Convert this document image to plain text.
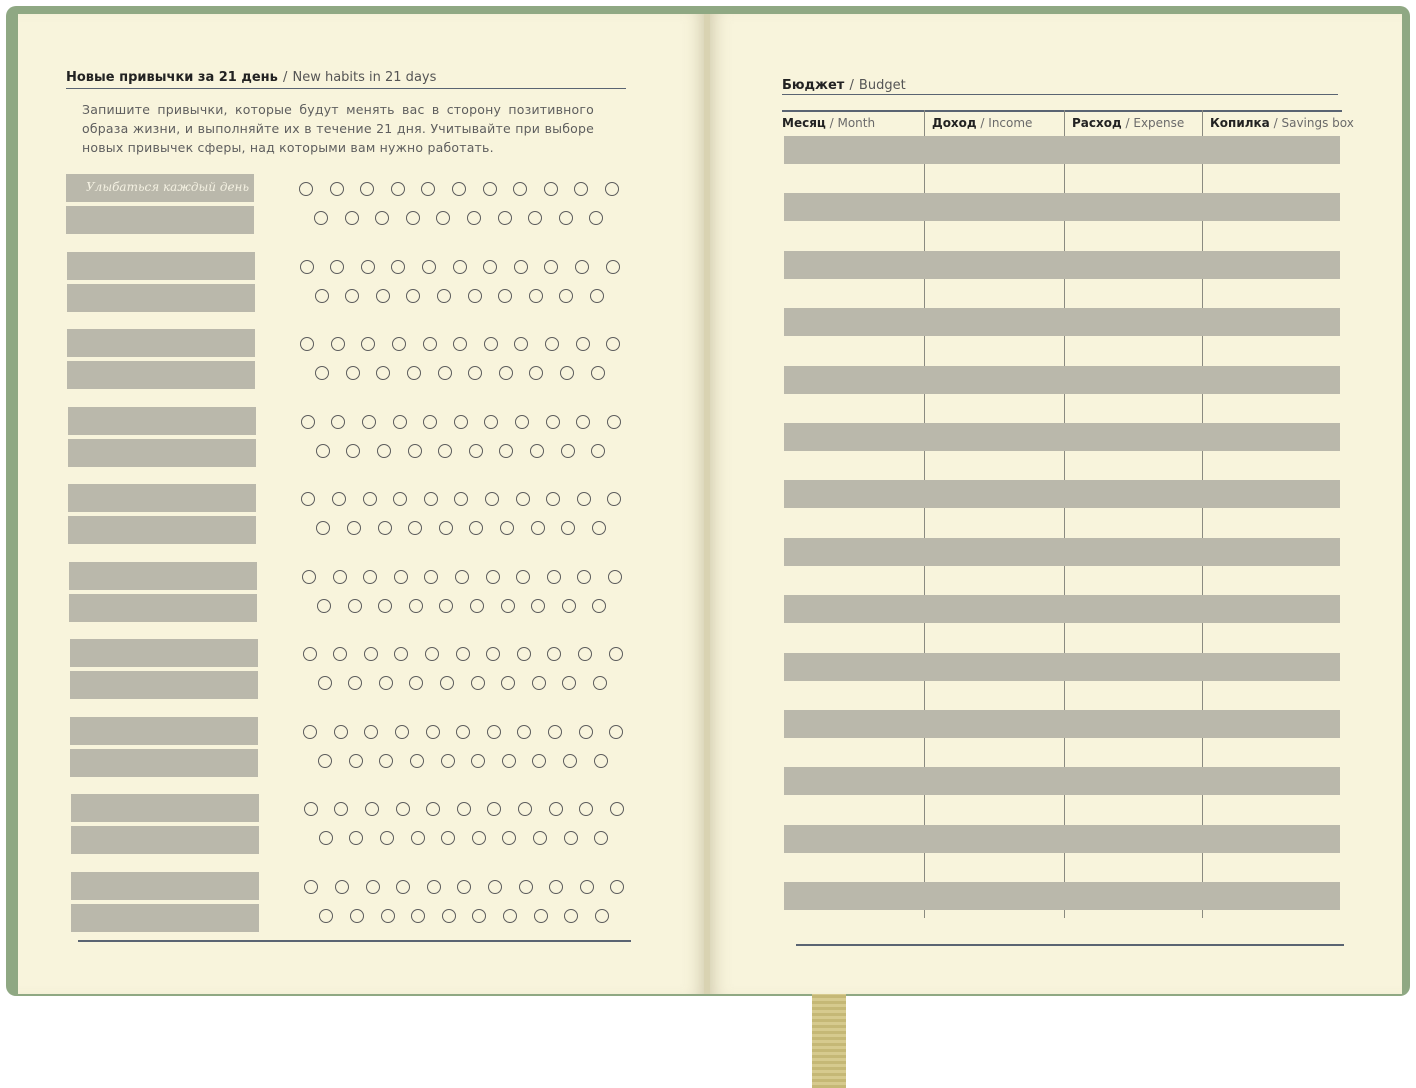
Новые привычки за 21 день / New habits in 21 days
Запишите привычки, которые будут менять вас в сторону позитивного образа жизни, и выполняйте их в течение 21 дня. Учитывайте при выборе новых привычек сферы, над которыми вам нужно работать.
Улыбаться каждый день
Бюджет / Budget
Месяц / Month	Доход / Income	Расход / Expense Копилка / Savings box
